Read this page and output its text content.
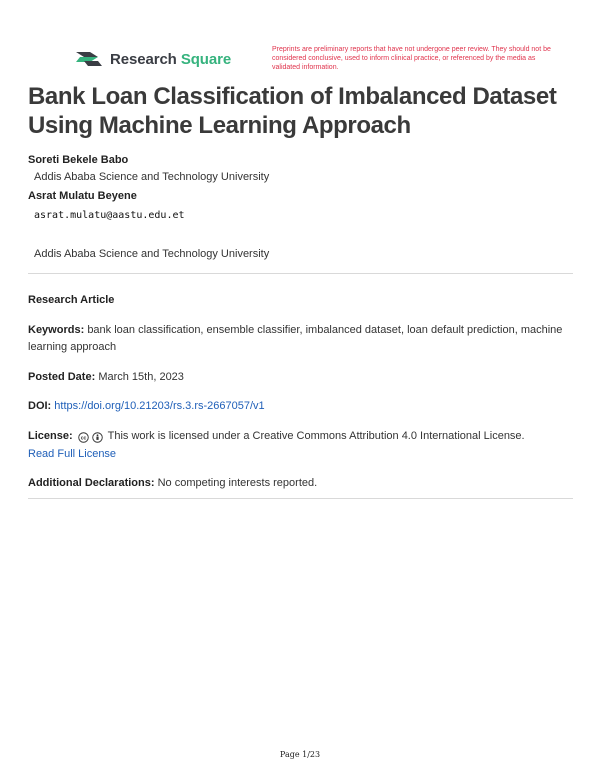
Research Square
Preprints are preliminary reports that have not undergone peer review. They should not be considered conclusive, used to inform clinical practice, or referenced by the media as validated information.
Bank Loan Classification of Imbalanced Dataset Using Machine Learning Approach
Soreti Bekele Babo
Addis Ababa Science and Technology University
Asrat Mulatu Beyene
asrat.mulatu@aastu.edu.et
Addis Ababa Science and Technology University
Research Article
Keywords: bank loan classification, ensemble classifier, imbalanced dataset, loan default prediction, machine learning approach
Posted Date: March 15th, 2023
DOI: https://doi.org/10.21203/rs.3.rs-2667057/v1
License: cc This work is licensed under a Creative Commons Attribution 4.0 International License.
Read Full License
Additional Declarations: No competing interests reported.
Page 1/23
